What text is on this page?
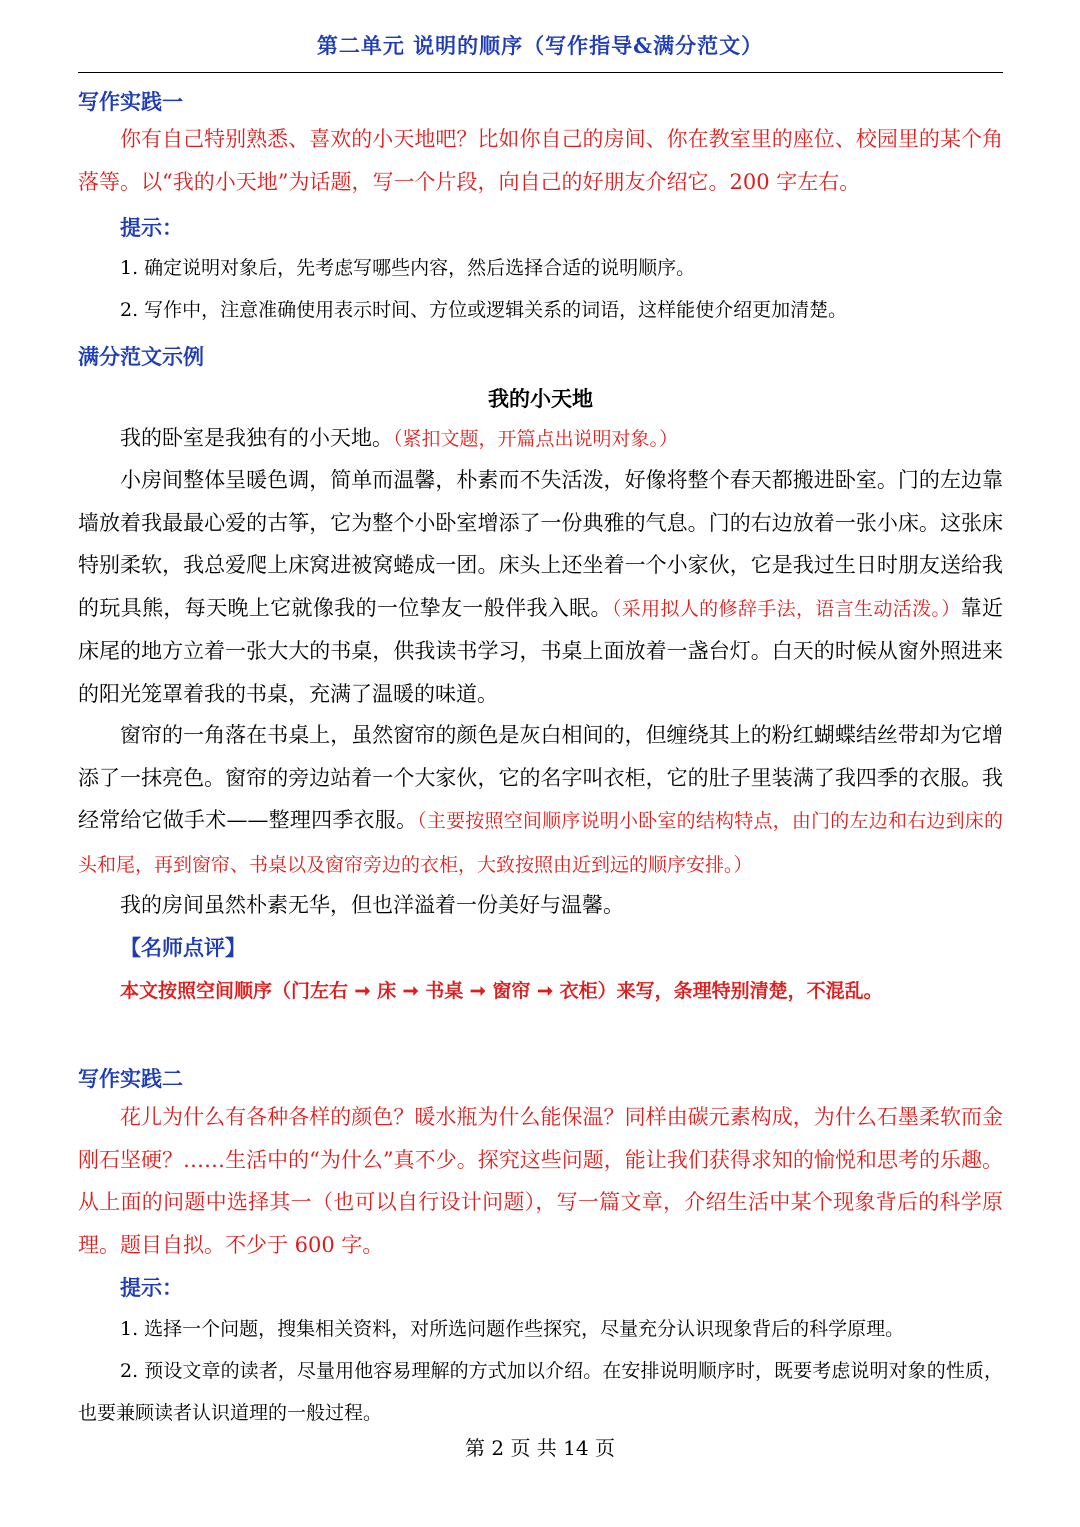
第二单元 说明的顺序（写作指导&满分范文）
写作实践一
你有自己特别熟悉、喜欢的小天地吧？比如你自己的房间、你在教室里的座位、校园里的某个角落等。以“我的小天地”为话题，写一个片段，向自己的好朋友介绍它。200 字左右。
提示：
1. 确定说明对象后，先考虑写哪些内容，然后选择合适的说明顺序。
2. 写作中，注意准确使用表示时间、方位或逻辑关系的词语，这样能使介绍更加清楚。
满分范文示例
我的小天地
我的卧室是我独有的小天地。（紧扣文题，开篇点出说明对象。）
小房间整体呈暖色调，简单而温馨，朴素而不失活泼，好像将整个春天都搬进卧室。门的左边靠墙放着我最最心爱的古筝，它为整个小卧室增添了一份典雅的气息。门的右边放着一张小床。这张床特别柔软，我总爱爬上床窝进被窝蜷成一团。床头上还坐着一个小家伙，它是我过生日时朋友送给我的玩具熊，每天晚上它就像我的一位挚友一般伴我入眠。（采用拟人的修辞手法，语言生动活泼。）靠近床尾的地方立着一张大大的书桌，供我读书学习，书桌上面放着一盏台灯。白天的时候从窗外照进来的阳光笼罩着我的书桌，充满了温暖的味道。
窗帘的一角落在书桌上，虽然窗帘的颜色是灰白相间的，但缠绕其上的粉红蝴蝶结丝带却为它增添了一抹亮色。窗帘的旁边站着一个大家伙，它的名字叫衣柜，它的肚子里装满了我四季的衣服。我经常给它做手术——整理四季衣服。（主要按照空间顺序说明小卧室的结构特点，由门的左边和右边到床的头和尾，再到窗帘、书桌以及窗帘旁边的衣柜，大致按照由近到远的顺序安排。）
我的房间虽然朴素无华，但也洋溢着一份美好与温馨。
【名师点评】
本文按照空间顺序（门左右 ➞ 床 ➞ 书桌 ➞ 窗帘 ➞ 衣柜）来写，条理特别清楚，不混乱。
写作实践二
花儿为什么有各种各样的颜色？暖水瓶为什么能保温？同样由碳元素构成，为什么石墨柔软而金刚石坚硬？……生活中的“为什么”真不少。探究这些问题，能让我们获得求知的愉悦和思考的乐趣。从上面的问题中选择其一（也可以自行设计问题），写一篇文章，介绍生活中某个现象背后的科学原理。题目自拟。不少于 600 字。
提示：
1. 选择一个问题，搜集相关资料，对所选问题作些探究，尽量充分认识现象背后的科学原理。
2. 预设文章的读者，尽量用他容易理解的方式加以介绍。在安排说明顺序时，既要考虑说明对象的性质，也要兼顾读者认识道理的一般过程。
第 2 页 共 14 页
